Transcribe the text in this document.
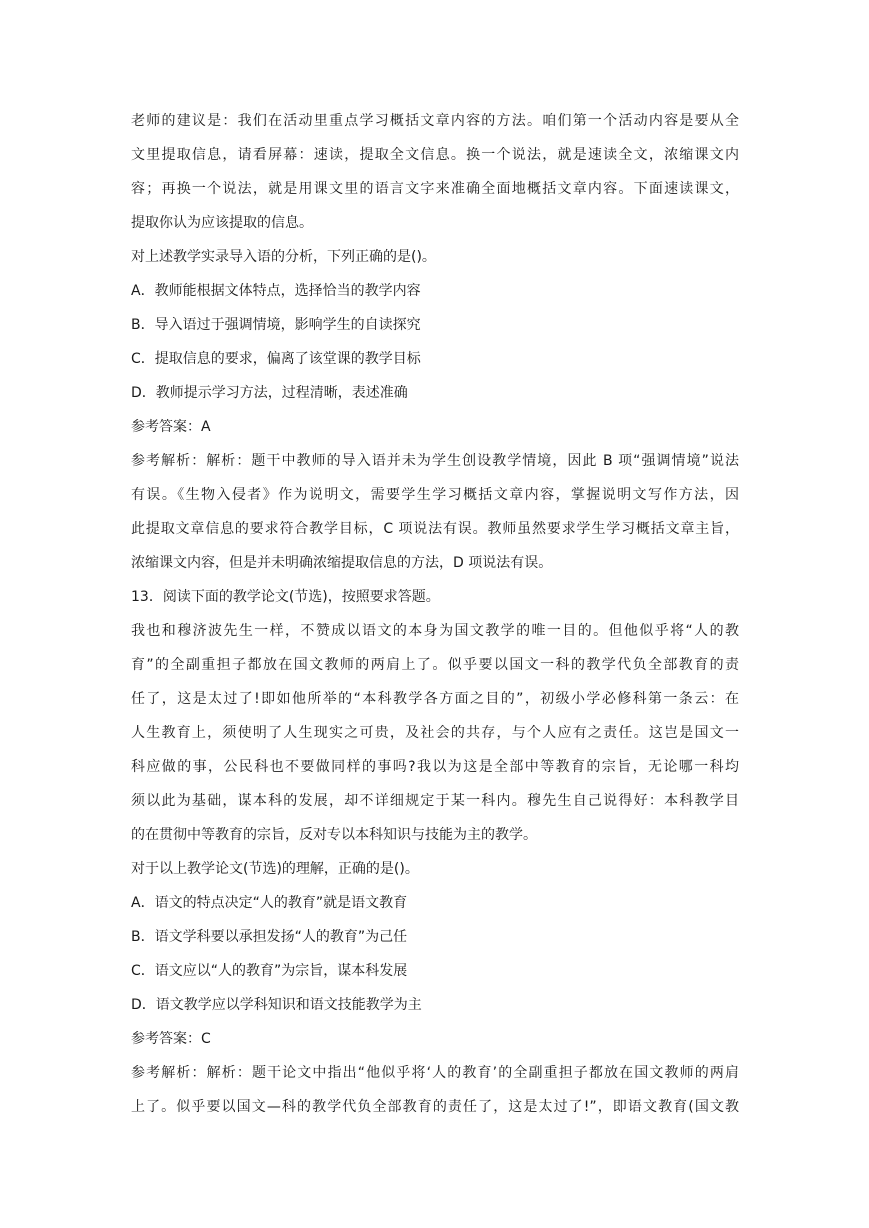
老师的建议是：我们在活动里重点学习概括文章内容的方法。咱们第一个活动内容是要从全
文里提取信息，请看屏幕：速读，提取全文信息。换一个说法，就是速读全文，浓缩课文内
容；再换一个说法，就是用课文里的语言文字来准确全面地概括文章内容。下面速读课文，
提取你认为应该提取的信息。
对上述教学实录导入语的分析，下列正确的是()。
A．教师能根据文体特点，选择恰当的教学内容
B．导入语过于强调情境，影响学生的自读探究
C．提取信息的要求，偏离了该堂课的教学目标
D．教师提示学习方法，过程清晰，表述准确
参考答案：A
参考解析：解析：题干中教师的导入语并未为学生创设教学情境，因此 B 项“强调情境”说法
有误。《生物入侵者》作为说明文，需要学生学习概括文章内容，掌握说明文写作方法，因
此提取文章信息的要求符合教学目标，C 项说法有误。教师虽然要求学生学习概括文章主旨，
浓缩课文内容，但是并未明确浓缩提取信息的方法，D 项说法有误。
13．阅读下面的教学论文(节选)，按照要求答题。
我也和穆济波先生一样，不赞成以语文的本身为国文教学的唯一目的。但他似乎将“人的教
育”的全副重担子都放在国文教师的两肩上了。似乎要以国文一科的教学代负全部教育的责
任了，这是太过了!即如他所举的“本科教学各方面之目的”，初级小学必修科第一条云：在
人生教育上，须使明了人生现实之可贵，及社会的共存，与个人应有之责任。这岂是国文一
科应做的事，公民科也不要做同样的事吗?我以为这是全部中等教育的宗旨，无论哪一科均
须以此为基础，谋本科的发展，却不详细规定于某一科内。穆先生自己说得好：本科教学目
的在贯彻中等教育的宗旨，反对专以本科知识与技能为主的教学。
对于以上教学论文(节选)的理解，正确的是()。
A．语文的特点决定“人的教育”就是语文教育
B．语文学科要以承担发扬“人的教育”为己任
C．语文应以“人的教育”为宗旨，谋本科发展
D．语文教学应以学科知识和语文技能教学为主
参考答案：C
参考解析：解析：题干论文中指出“他似乎将‘人的教育’的全副重担子都放在国文教师的两肩
上了。似乎要以国文—科的教学代负全部教育的责任了，这是太过了!”，即语文教育(国文教
